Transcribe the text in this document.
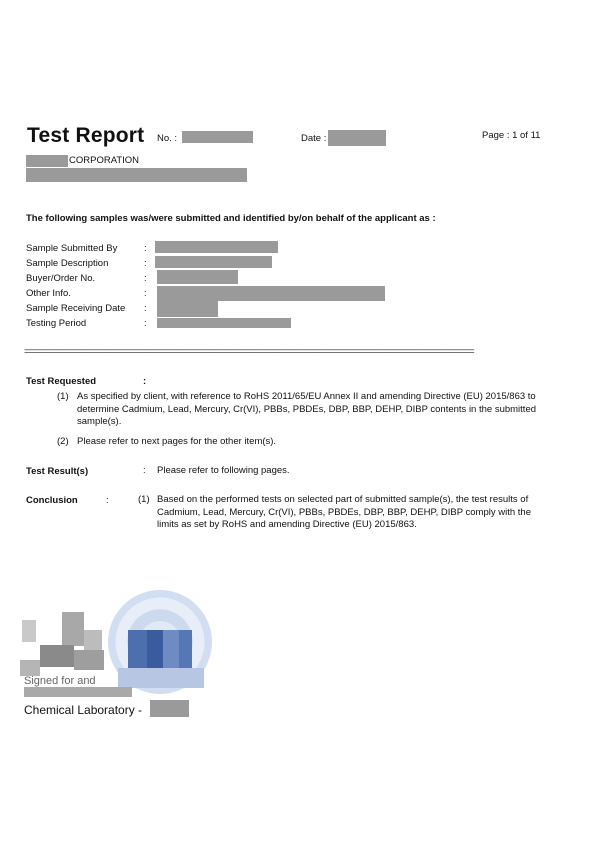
Test Report No. :	Date :	Page : 1 of 11
CORPORATION
The following samples was/were submitted and identified by/on behalf of the applicant as :
Sample Submitted By	:
Sample Description	:
Buyer/Order No.	:
Other Info.	:
Sample Receiving Date :
Testing Period	:
===========================================================================================================
Test Requested	:
(1) As specified by client, with reference to RoHS 2011/65/EU Annex II and amending Directive (EU) 2015/863 to
determine Cadmium, Lead, Mercury, Cr(VI), PBBs, PBDEs, DBP, BBP, DEHP, DIBP contents in the submitted
sample(s).
(2) Please refer to next pages for the other item(s).
Test Result(s)	: Please refer to following pages.
Conclusion	:	(1) Based on the performed tests on selected part of submitted sample(s), the test results of
Cadmium, Lead, Mercury, Cr(VI), PBBs, PBDEs, DBP, BBP, DEHP, DIBP comply with the
limits as set by RoHS and amending Directive (EU) 2015/863.
Signed for and
Chemical Laboratory -
